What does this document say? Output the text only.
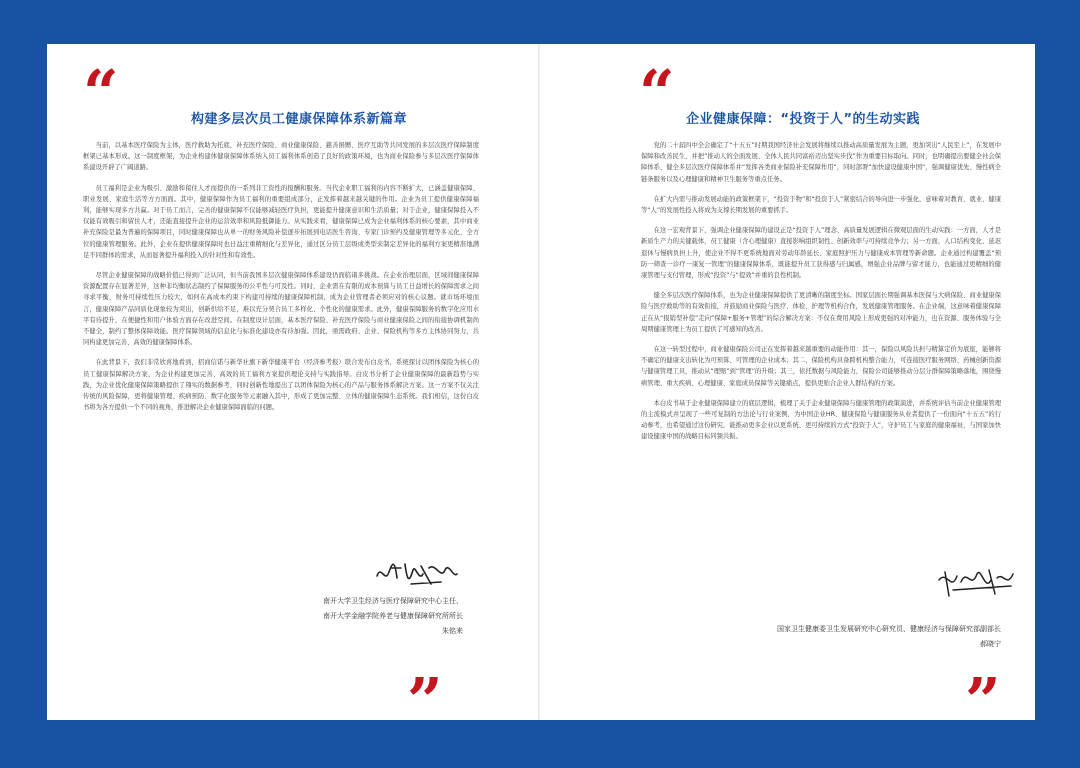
“	构建多层次员工健康保障体系新篇章

当前，以基本医疗保险为主体，医疗救助为托底，补充医疗保险、商业健康保险、慈善捐赠、医疗互助等共同发展的多层次医疗保障制度框架已基本形成。这一制度框架，为企业构建体健康保障体系纳入员工福利体系创造了良好的政策环境，也为商业保险参与多层次医疗保障体系建设开辟了广阔道路。

员工福利是企业为吸引、激励和留住人才而提供的一系列非工资性的报酬和服务。当代企业职工福利的内容不断扩大，已涵盖健康保障、职业发展、家庭生活等方方面面。其中，健康保障作为员工福利的重要组成部分，正发挥着越来越关键的作用。企业为员工提供健康保障福利，能够实现多方共赢。对于员工而言，完善的健康保障不仅能够减轻医疗负担，更能提升健康意识和生活质量；对于企业，健康保障投入不仅能有效吸引和留住人才，还能直接提升企业的运营效率和风险抵御能力。从实践来看，健康保障已成为企业福利体系的核心要素，其中商业补充保险是最为普遍的保障项目，同时健康保障也从单一的财务风险补偿逐步拓展到电话医生咨询、专家门诊预约及健康管理等多元化、全方位的健康管理服务。此外，企业在提供健康保障时也日益注重精细化与差异化，通过区分员工层级或类型来制定差异化的福利方案更精准地满足不同群体的需求，从而显著提升福利投入的针对性和有效性。

尽管企业健康保障的战略价值已得到广泛认同，但当前我国多层次健康保障体系建设仍面临诸多挑战。在企业治理层面，区域间健康保障资源配置存在显著差异，这种非均衡状态制约了保障服务的公平性与可及性。同时，企业需在有限的成本预算与员工日益增长的保障需求之间寻求平衡，财务可持续性压力较大，如何在高成本约束下构建可持续的健康保障机制，成为企业管理者必须应对的核心议题。就市场环境而言，健康保障产品同质化现象较为突出，创新供给不足，难以充分契合员工多样化、个性化的健康需求。此外，健康保障服务的数字化应用水平有待提升，在便捷性和用户体验方面存在改进空间。在制度设计层面，基本医疗保险、补充医疗保险与商业健康保险之间的衔接协调机制尚不健全，制约了整体保障效能。医疗保障领域的信息化与标准化建设亦有待加强。因此，亟需政府、企业、保险机构等多方主体协同努力，共同构建更加完善、高效的健康保障体系。

在此背景下，我们非常欣喜地看到，招商信诺与新华社旗下新华健康平台（经济参考报）联合发布白皮书，系统探讨以团体保险为核心的员工健康保障解决方案，为企业构建更加完善、高效的员工福利方案提供理论支持与实践指导。白皮书分析了企业健康保障的最新趋势与实践，为企业优化健康保障策略提供了翔实的数据参考，同时创新性地提出了以团体保险为核心的产品与服务体系解决方案。这一方案不仅关注传统的风险保障，更将健康管理、疾病预防、数字化服务等元素融入其中，形成了更加完整、立体的健康保障生态系统。我们相信，这份白皮书将为各方提供一个不同的视角，推进解决企业健康保障面临的问题。

南开大学卫生经济与医疗保障研究中心主任、
南开大学金融学院养老与健康保障研究所所长
朱铭来
”
“	企业健康保障：“投资于人”的生动实践

党的二十届四中全会确定了“十五五”时期我国经济社会发展将继续以推动高质量发展为主题，更加突出“人民至上”，在发展中保障和改善民生，并把“推动人的全面发展、全体人民共同富裕迈出坚实步伐”作为重要目标取向。同时，也明确提出要健全社会保障体系、健全多层次医疗保障体系并“发挥各类商业保险补充保障作用”，同时部署“加快建设健康中国”，强调健康优先、慢性病全链条服务以及心理健康和精神卫生服务等重点任务。

在扩大内需与推动发展动能的政策框架下，“投资于物”和“投资于人”紧密结合的导向进一步强化，意味着对教育、就业、健康等“人”的发展性投入将成为支撑长期发展的重要抓手。

在这一宏观背景下，强调企业健康保障的建设正是“投资于人”理念、高质量发展逻辑在微观层面的生动实践：一方面，人才是新质生产力的关键载体，员工健康（含心理健康）直接影响组织韧性、创新效率与可持续竞争力；另一方面，人口结构变化、延迟退休与慢病负担上升，使企业不得不更系统地面对劳动年龄延长、家庭照护压力与健康成本管理等新命题。企业通过构建覆盖“预防一筛查一诊疗一康复一管理”的健康保障体系，既能提升员工获得感与归属感，增强企业品牌与留才能力，也能通过更精细的健康管理与支付管理，形成“投资”与“提效”并重的良性机制。

健全多层次医疗保障体系，也为企业健康保障提供了更清晰的制度坐标。国家层面长期强调基本医保与大病保险、商业健康保险与医疗救助等的有效衔接，并鼓励商业保险与医疗、体检、护理等机构合作，发展健康管理服务。在企业端，这意味着健康保障正在从“报销型补偿”走向“保障+服务+管理”的综合解决方案：不仅在费用风险上形成更强的对冲能力，也在资源、服务体验与全周期健康管理上为员工提供了可感知的改善。

在这一转型过程中，商业健康保险公司正在发挥着越来越重要的动能作用：其一，保险以风险共担与精算定价为底座，能够将不确定的健康支出转化为可预算、可管理的企业成本；其二，保险机构具备跨机构整合能力，可连接医疗服务网络、药械创新资源与健康管理工具，推动从“理赔”到“管理”的升级；其三，依托数据与风险能力，保险公司能够推动分层分群保障策略落地，围绕慢病管理、重大疾病、心理健康、家庭成员保障等关键痛点，提供更贴合企业人群结构的方案。

本白皮书基于企业健康保障建立的底层逻辑，梳理了关于企业健康保障与健康管理的政策演进，并系统评估当前企业健康管理的主流模式并呈现了一些可复制的方法论与行业案例，为中国企业HR、健康保险与健康服务从业者提供了一份面向“十五五”的行动参考，也希望通过这份研究，能推动更多企业以更系统、更可持续的方式“投资于人”，守护员工与家庭的健康福祉，与国家加快建设健康中国的战略目标同频共振。

国家卫生健康委卫生发展研究中心研究员、健康经济与保障研究部副部长
郝晓宁
”
